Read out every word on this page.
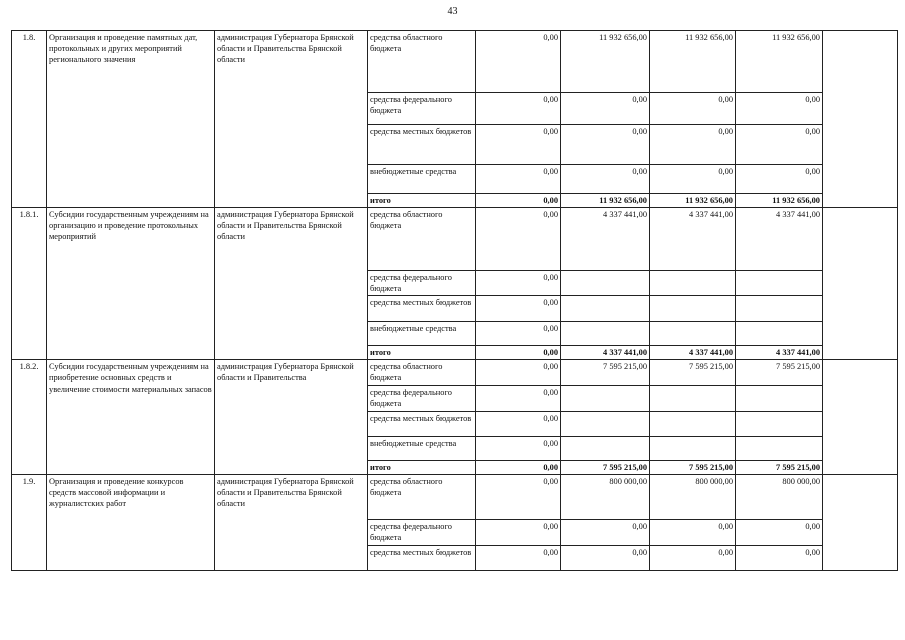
43
1.8.	Организация и проведение памятных дат, протокольных и других мероприятий регионального значения	администрация Губернатора Брянской области и Правительства Брянской области	средства областного бюджета	0,00	11 932 656,00	11 932 656,00	11 932 656,00	
			средства федерального бюджета	0,00	0,00	0,00	0,00	
			средства местных бюджетов	0,00	0,00	0,00	0,00	
			внебюджетные средства	0,00	0,00	0,00	0,00	
			итого	0,00	11 932 656,00	11 932 656,00	11 932 656,00	
1.8.1.	Субсидии государственным учреждениям на организацию и проведение протокольных мероприятий	администрация Губернатора Брянской области и Правительства Брянской области	средства областного бюджета	0,00	4 337 441,00	4 337 441,00	4 337 441,00	
			средства федерального бюджета	0,00				
			средства местных бюджетов	0,00				
			внебюджетные средства	0,00				
			итого	0,00	4 337 441,00	4 337 441,00	4 337 441,00	
1.8.2.	Субсидии государственным учреждениям на приобретение основных средств и увеличение стоимости материальных запасов	администрация Губернатора Брянской области и Правительства	средства областного бюджета	0,00	7 595 215,00	7 595 215,00	7 595 215,00	
			средства федерального бюджета	0,00				
			средства местных бюджетов	0,00				
			внебюджетные средства	0,00				
			итого	0,00	7 595 215,00	7 595 215,00	7 595 215,00	
1.9.	Организация и проведение конкурсов средств массовой информации и журналистских работ	администрация Губернатора Брянской области и Правительства Брянской области	средства областного бюджета	0,00	800 000,00	800 000,00	800 000,00	
			средства федерального бюджета	0,00	0,00	0,00	0,00	
			средства местных бюджетов	0,00	0,00	0,00	0,00	
